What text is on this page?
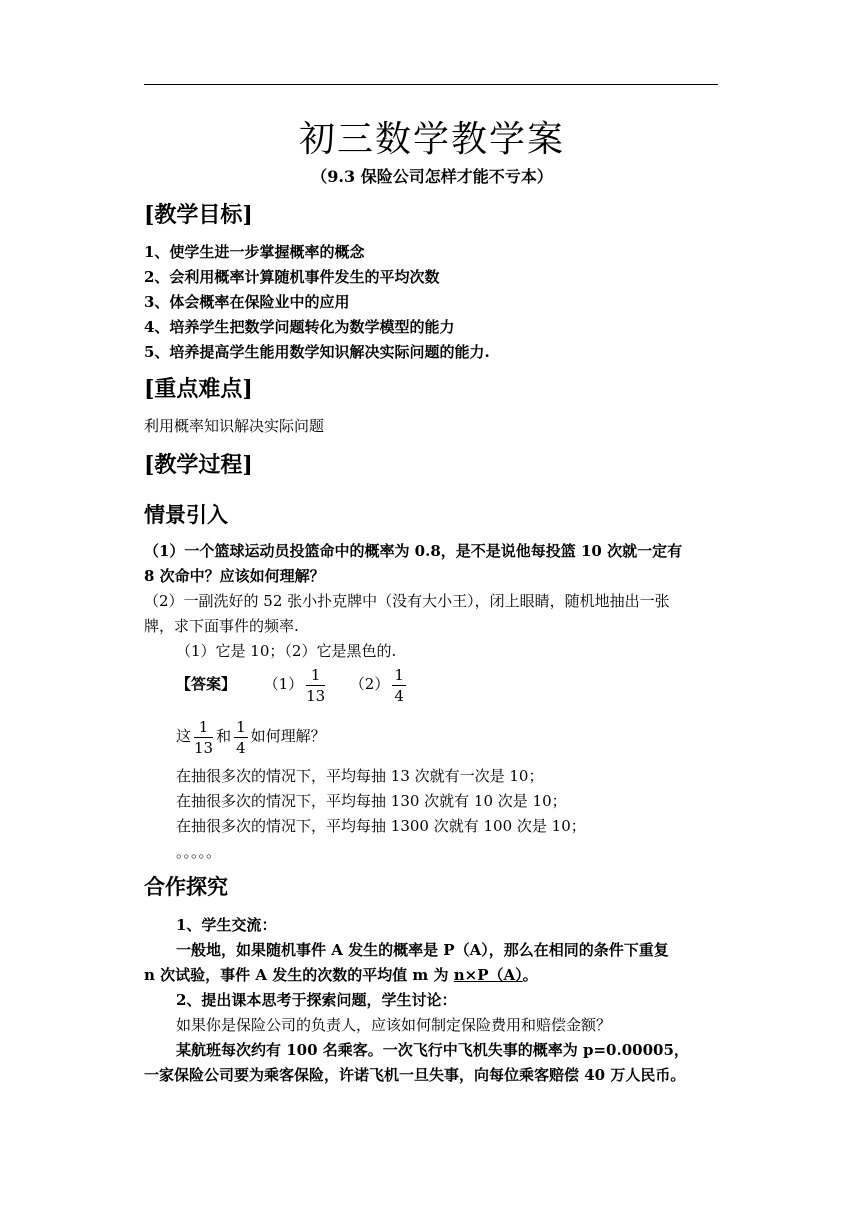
初三数学教学案
（9.3 保险公司怎样才能不亏本）
[教学目标]
1、使学生进一步掌握概率的概念
2、会利用概率计算随机事件发生的平均次数
3、体会概率在保险业中的应用
4、培养学生把数学问题转化为数学模型的能力
5、培养提高学生能用数学知识解决实际问题的能力.
[重点难点]
利用概率知识解决实际问题
[教学过程]
情景引入
（1）一个篮球运动员投篮命中的概率为 0.8，是不是说他每投篮 10 次就一定有
8 次命中？应该如何理解？
（2）一副洗好的 52 张小扑克牌中（没有大小王），闭上眼睛，随机地抽出一张
牌，求下面事件的频率.
（1）它是 10；（2）它是黑色的.
【答案】 $(1) \frac{1}{13} (2) \frac{1}{4}$
这 $\frac{1}{13}$ 和 $\frac{1}{4}$ 如何理解？
在抽很多次的情况下，平均每抽 13 次就有一次是 10；
在抽很多次的情况下，平均每抽 130 次就有 10 次是 10；
在抽很多次的情况下，平均每抽 1300 次就有 100 次是 10；
。。。。。
合作探究
1、学生交流：
一般地，如果随机事件 A 发生的概率是 P（A），那么在相同的条件下重复
n 次试验，事件 A 发生的次数的平均值 m 为 n×P（A）。
2、提出课本思考于探索问题，学生讨论：
如果你是保险公司的负责人，应该如何制定保险费用和赔偿金额？
某航班每次约有 100 名乘客。一次飞行中飞机失事的概率为 p=0.00005，
一家保险公司要为乘客保险，许诺飞机一旦失事，向每位乘客赔偿 40 万人民币。
